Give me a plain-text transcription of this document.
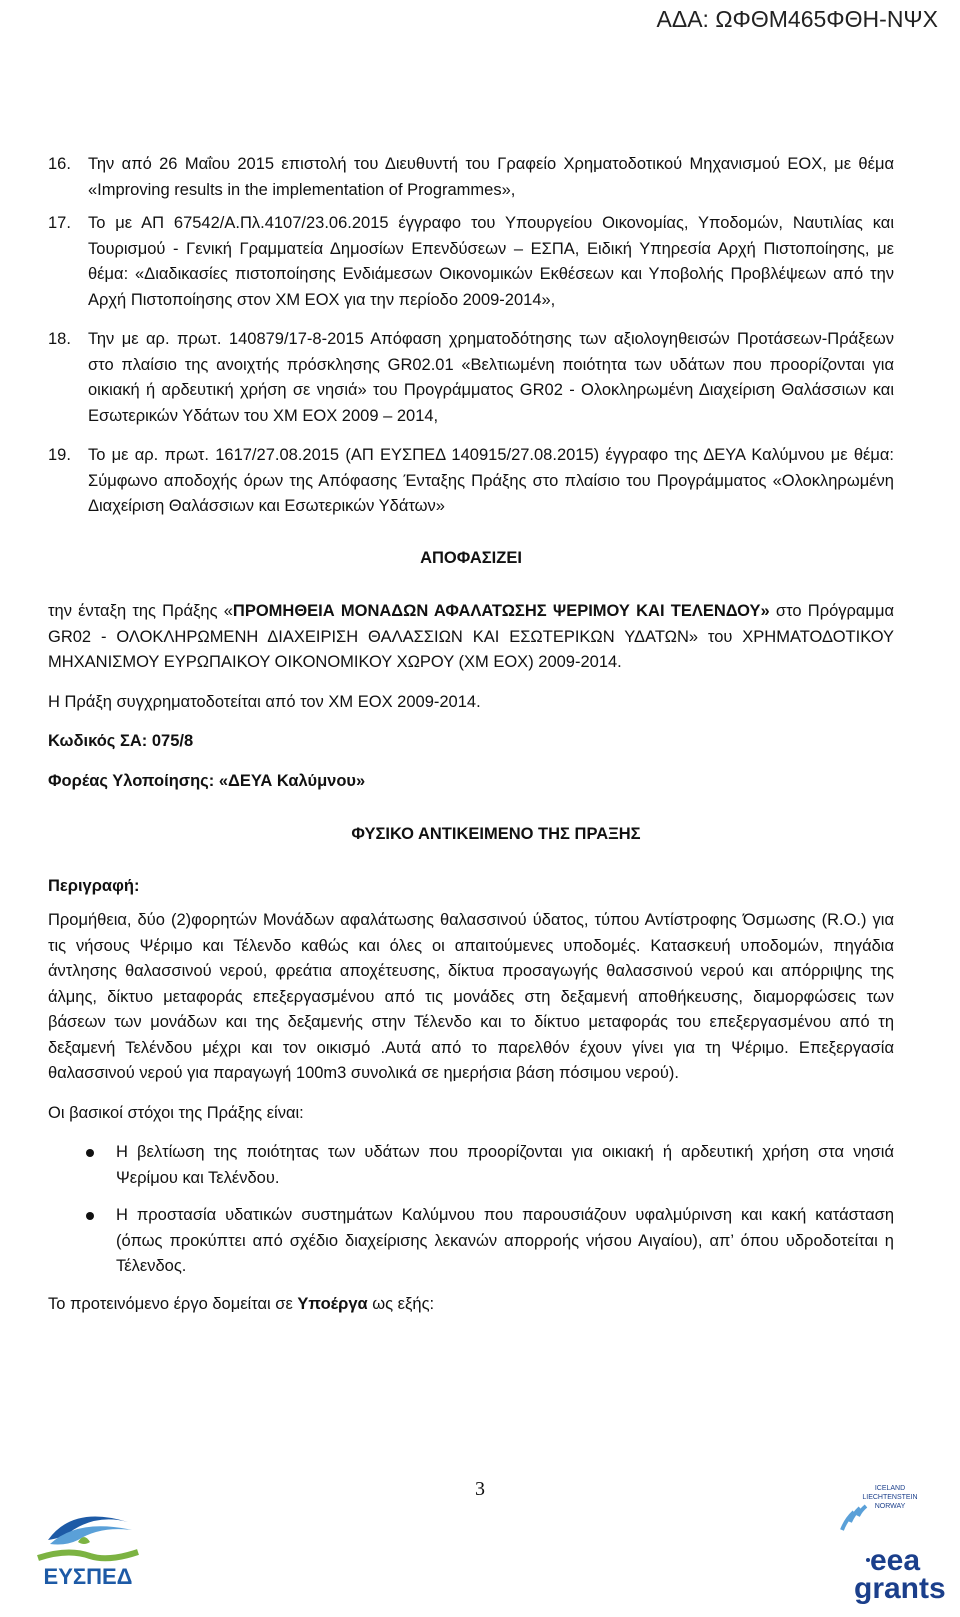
ΑΔΑ: ΩΦΘΜ465ΦΘΗ-ΝΨΧ
16.	Την από 26 Μαΐου 2015 επιστολή του Διευθυντή του Γραφείο Χρηματοδοτικού Μηχανισμού ΕΟΧ, με θέμα «Improving results in the implementation of Programmes»,
17.	Το με ΑΠ 67542/Α.Πλ.4107/23.06.2015 έγγραφο του Υπουργείου Οικονομίας, Υποδομών, Ναυτιλίας και Τουρισμού - Γενική Γραμματεία Δημοσίων Επενδύσεων – ΕΣΠΑ, Ειδική Υπηρεσία Αρχή Πιστοποίησης, με θέμα: «Διαδικασίες πιστοποίησης Ενδιάμεσων Οικονομικών Εκθέσεων και Υποβολής Προβλέψεων από την Αρχή Πιστοποίησης στον ΧΜ ΕΟΧ για την περίοδο 2009-2014»,
18.	Την με αρ. πρωτ. 140879/17-8-2015 Απόφαση χρηματοδότησης των αξιολογηθεισών Προτάσεων-Πράξεων στο πλαίσιο της ανοιχτής πρόσκλησης GR02.01 «Βελτιωμένη ποιότητα των υδάτων που προορίζονται για οικιακή ή αρδευτική χρήση σε νησιά» του Προγράμματος GR02 - Ολοκληρωμένη Διαχείριση Θαλάσσιων και Εσωτερικών Υδάτων του ΧΜ ΕΟΧ 2009 – 2014,
19.	Το με αρ. πρωτ. 1617/27.08.2015 (ΑΠ ΕΥΣΠΕΔ 140915/27.08.2015) έγγραφο της ΔΕΥΑ Καλύμνου με θέμα: Σύμφωνο αποδοχής όρων της Απόφασης Ένταξης Πράξης στο πλαίσιο του Προγράμματος «Ολοκληρωμένη Διαχείριση Θαλάσσιων και Εσωτερικών Υδάτων»
ΑΠΟΦΑΣΙΖΕΙ

την ένταξη της Πράξης «ΠΡΟΜΗΘΕΙΑ ΜΟΝΑΔΩΝ ΑΦΑΛΑΤΩΣΗΣ ΨΕΡΙΜΟΥ ΚΑΙ ΤΕΛΕΝΔΟΥ» στο Πρόγραμμα GR02 - ΟΛΟΚΛΗΡΩΜΕΝΗ ΔΙΑΧΕΙΡΙΣΗ ΘΑΛΑΣΣΙΩΝ ΚΑΙ ΕΣΩΤΕΡΙΚΩΝ ΥΔΑΤΩΝ» του ΧΡΗΜΑΤΟΔΟΤΙΚΟΥ ΜΗΧΑΝΙΣΜΟΥ ΕΥΡΩΠΑΙΚΟΥ ΟΙΚΟΝΟΜΙΚΟΥ ΧΩΡΟΥ (ΧΜ ΕΟΧ) 2009-2014.

Η Πράξη συγχρηματοδοτείται από τον ΧΜ ΕΟΧ 2009-2014.

Κωδικός ΣΑ: 075/8

Φορέας Υλοποίησης: «ΔΕΥΑ Καλύμνου»

ΦΥΣΙΚΟ ΑΝΤΙΚΕΙΜΕΝΟ ΤΗΣ ΠΡΑΞΗΣ
Περιγραφή:

Προμήθεια, δύο (2)φορητών Μονάδων αφαλάτωσης θαλασσινού ύδατος, τύπου Αντίστροφης Όσμωσης (R.O.) για τις νήσους Ψέριμο και Τέλενδο καθώς και όλες οι απαιτούμενες υποδομές. Κατασκευή υποδομών, πηγάδια άντλησης θαλασσινού νερού, φρεάτια αποχέτευσης, δίκτυα προσαγωγής θαλασσινού νερού και απόρριψης της άλμης, δίκτυο μεταφοράς επεξεργασμένου από τις μονάδες στη δεξαμενή αποθήκευσης, διαμορφώσεις των βάσεων των μονάδων και της δεξαμενής στην Τέλενδο και το δίκτυο μεταφοράς του επεξεργασμένου από τη δεξαμενή Τελένδου μέχρι και τον οικισμό .Αυτά από το παρελθόν έχουν γίνει για τη Ψέριμο. Επεξεργασία θαλασσινού νερού για παραγωγή 100m3 συνολικά σε ημερήσια βάση πόσιμου νερού).

Οι βασικοί στόχοι της Πράξης είναι:

Η βελτίωση της ποιότητας των υδάτων που προορίζονται για οικιακή ή αρδευτική χρήση στα νησιά Ψερίμου και Τελένδου.
Η προστασία υδατικών συστημάτων Καλύμνου που παρουσιάζουν υφαλμύρινση και κακή κατάσταση (όπως προκύπτει από σχέδιο διαχείρισης λεκανών απορροής νήσου Αιγαίου), απ’ όπου υδροδοτείται η Τέλενδος.

Το προτεινόμενο έργο δομείται σε Υποέργα ως εξής:

3
ΕΥΣΠΕΔ
ICELAND
LIECHTENSTEIN
NORWAY
eea
grants
